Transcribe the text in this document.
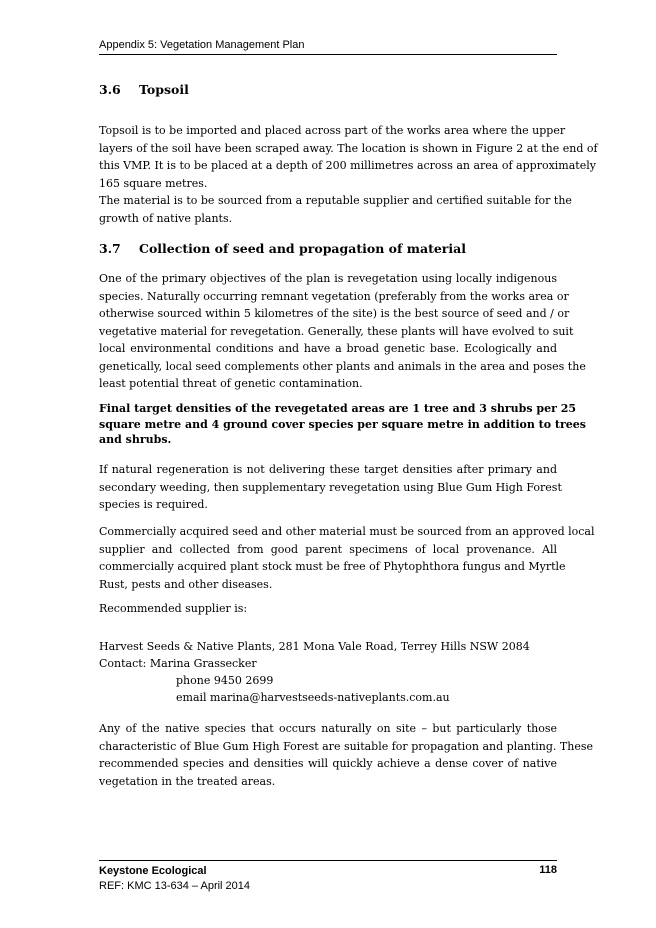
Appendix 5: Vegetation Management Plan
3.6 Topsoil
Topsoil is to be imported and placed across part of the works area where the upper
layers of the soil have been scraped away. The location is shown in Figure 2 at the end of
this VMP. It is to be placed at a depth of 200 millimetres across an area of approximately
165 square metres.
The material is to be sourced from a reputable supplier and certified suitable for the
growth of native plants.
3.7 Collection of seed and propagation of material
One of the primary objectives of the plan is revegetation using locally indigenous
species. Naturally occurring remnant vegetation (preferably from the works area or
otherwise sourced within 5 kilometres of the site) is the best source of seed and / or
vegetative material for revegetation. Generally, these plants will have evolved to suit
local environmental conditions and have a broad genetic base. Ecologically and
genetically, local seed complements other plants and animals in the area and poses the
least potential threat of genetic contamination.
Final target densities of the revegetated areas are 1 tree and 3 shrubs per 25
square metre and 4 ground cover species per square metre in addition to trees
and shrubs.
If natural regeneration is not delivering these target densities after primary and
secondary weeding, then supplementary revegetation using Blue Gum High Forest
species is required.
Commercially acquired seed and other material must be sourced from an approved local
supplier and collected from good parent specimens of local provenance. All
commercially acquired plant stock must be free of Phytophthora fungus and Myrtle
Rust, pests and other diseases.
Recommended supplier is:
Harvest Seeds & Native Plants, 281 Mona Vale Road, Terrey Hills NSW 2084
Contact: Marina Grassecker
phone 9450 2699
email marina@harvestseeds-nativeplants.com.au
Any of the native species that occurs naturally on site – but particularly those
characteristic of Blue Gum High Forest are suitable for propagation and planting. These
recommended species and densities will quickly achieve a dense cover of native
vegetation in the treated areas.
Keystone Ecological
REF: KMC 13-634 – April 2014
118
